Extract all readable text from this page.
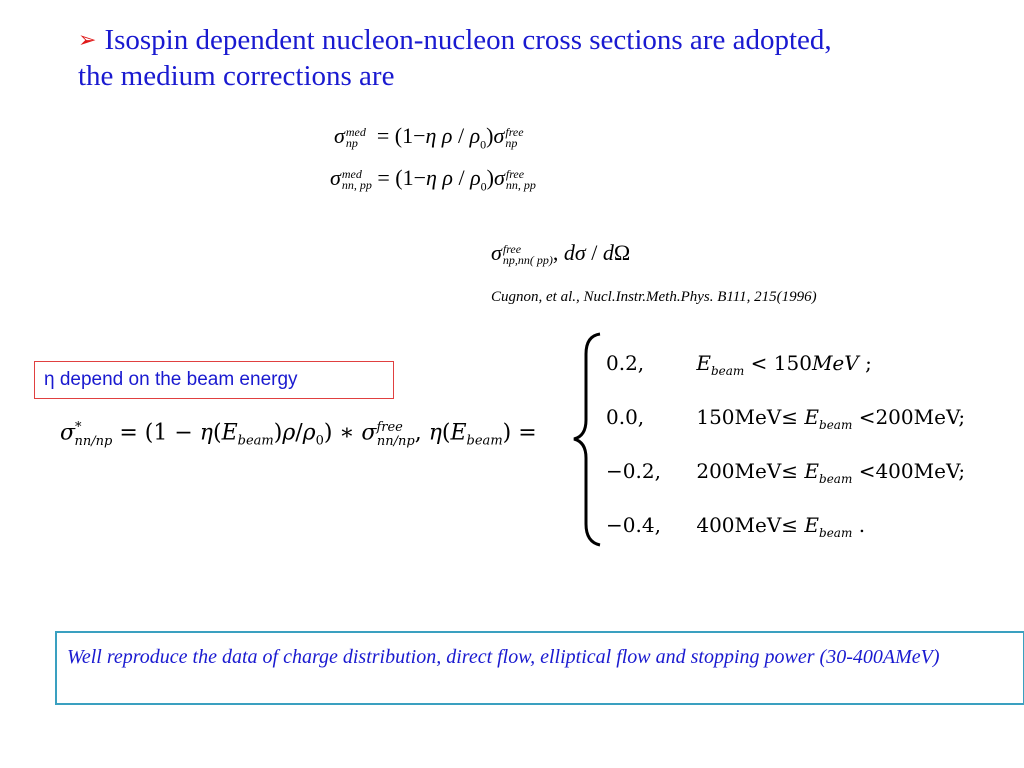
➢ Isospin dependent nucleon-nucleon cross sections are adopted, the medium corrections are
σ med
np = (1−η ρ / $\rho_0)\sigma$ free
np
σ med
nn, pp = (1−η ρ / $\rho_0)\sigma$ free
nn, pp
σ free
np,nn( pp) , dσ / dΩ
Cugnon, et al., Nucl.Instr.Meth.Phys. B111, 215(1996)
η depend on the beam energy
$\sigma^*_{nn/np} = (1 - \eta(E_{beam})\rho/\rho_0)$ ∗ $\sigma^{free}_{nn/np}$, $\eta(E_{beam})$ =
0.2,	$E_{beam} < 150MeV$ ;
0.0,	$150MeV\le E_{beam} <200MeV$;
−0.2, $200MeV\le E_{beam} <400MeV$;
−0.4, $400MeV\le E_{beam}$ .
Well reproduce the data of charge distribution, direct flow, elliptical flow and stopping power (30-400AMeV)
